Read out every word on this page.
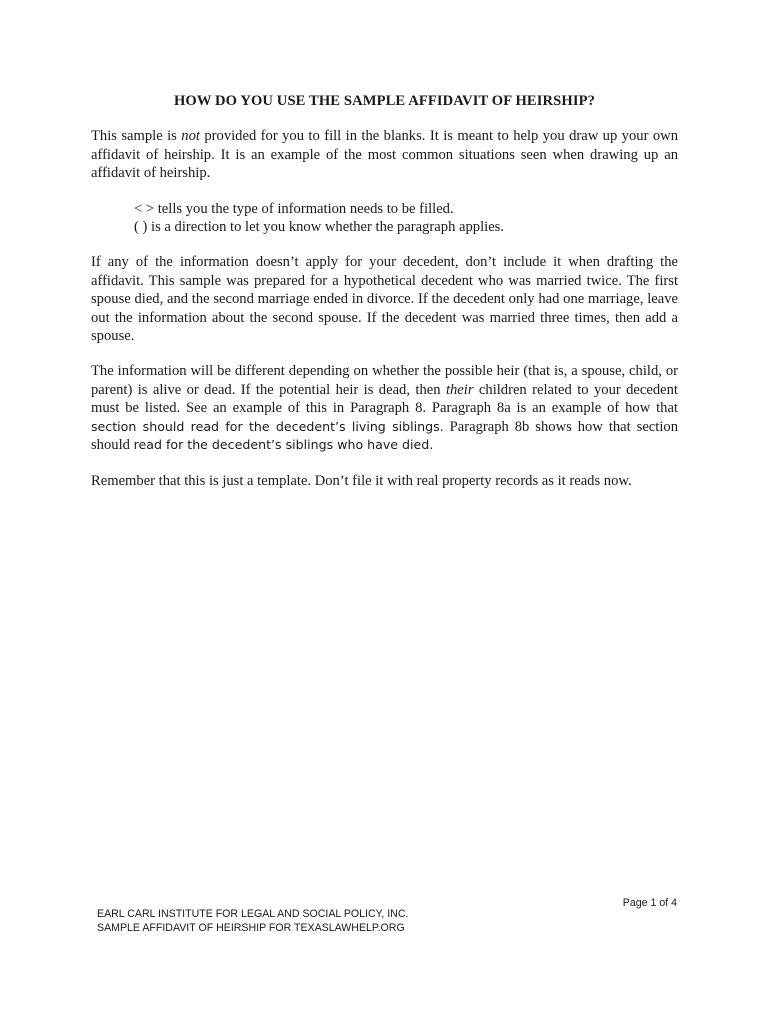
HOW DO YOU USE THE SAMPLE AFFIDAVIT OF HEIRSHIP?

This sample is not provided for you to fill in the blanks. It is meant to help you draw up your own affidavit of heirship. It is an example of the most common situations seen when drawing up an affidavit of heirship.

< > tells you the type of information needs to be filled.
( ) is a direction to let you know whether the paragraph applies.

If any of the information doesn’t apply for your decedent, don’t include it when drafting the affidavit. This sample was prepared for a hypothetical decedent who was married twice. The first spouse died, and the second marriage ended in divorce. If the decedent only had one marriage, leave out the information about the second spouse. If the decedent was married three times, then add a spouse.

The information will be different depending on whether the possible heir (that is, a spouse, child, or parent) is alive or dead. If the potential heir is dead, then their children related to your decedent must be listed. See an example of this in Paragraph 8. Paragraph 8a is an example of how that section should read for the decedent’s living siblings. Paragraph 8b shows how that section should read for the decedent’s siblings who have died.

Remember that this is just a template. Don’t file it with real property records as it reads now.

Page 1 of 4
EARL CARL INSTITUTE FOR LEGAL AND SOCIAL POLICY, INC.
SAMPLE AFFIDAVIT OF HEIRSHIP FOR TEXASLAWHELP.ORG
